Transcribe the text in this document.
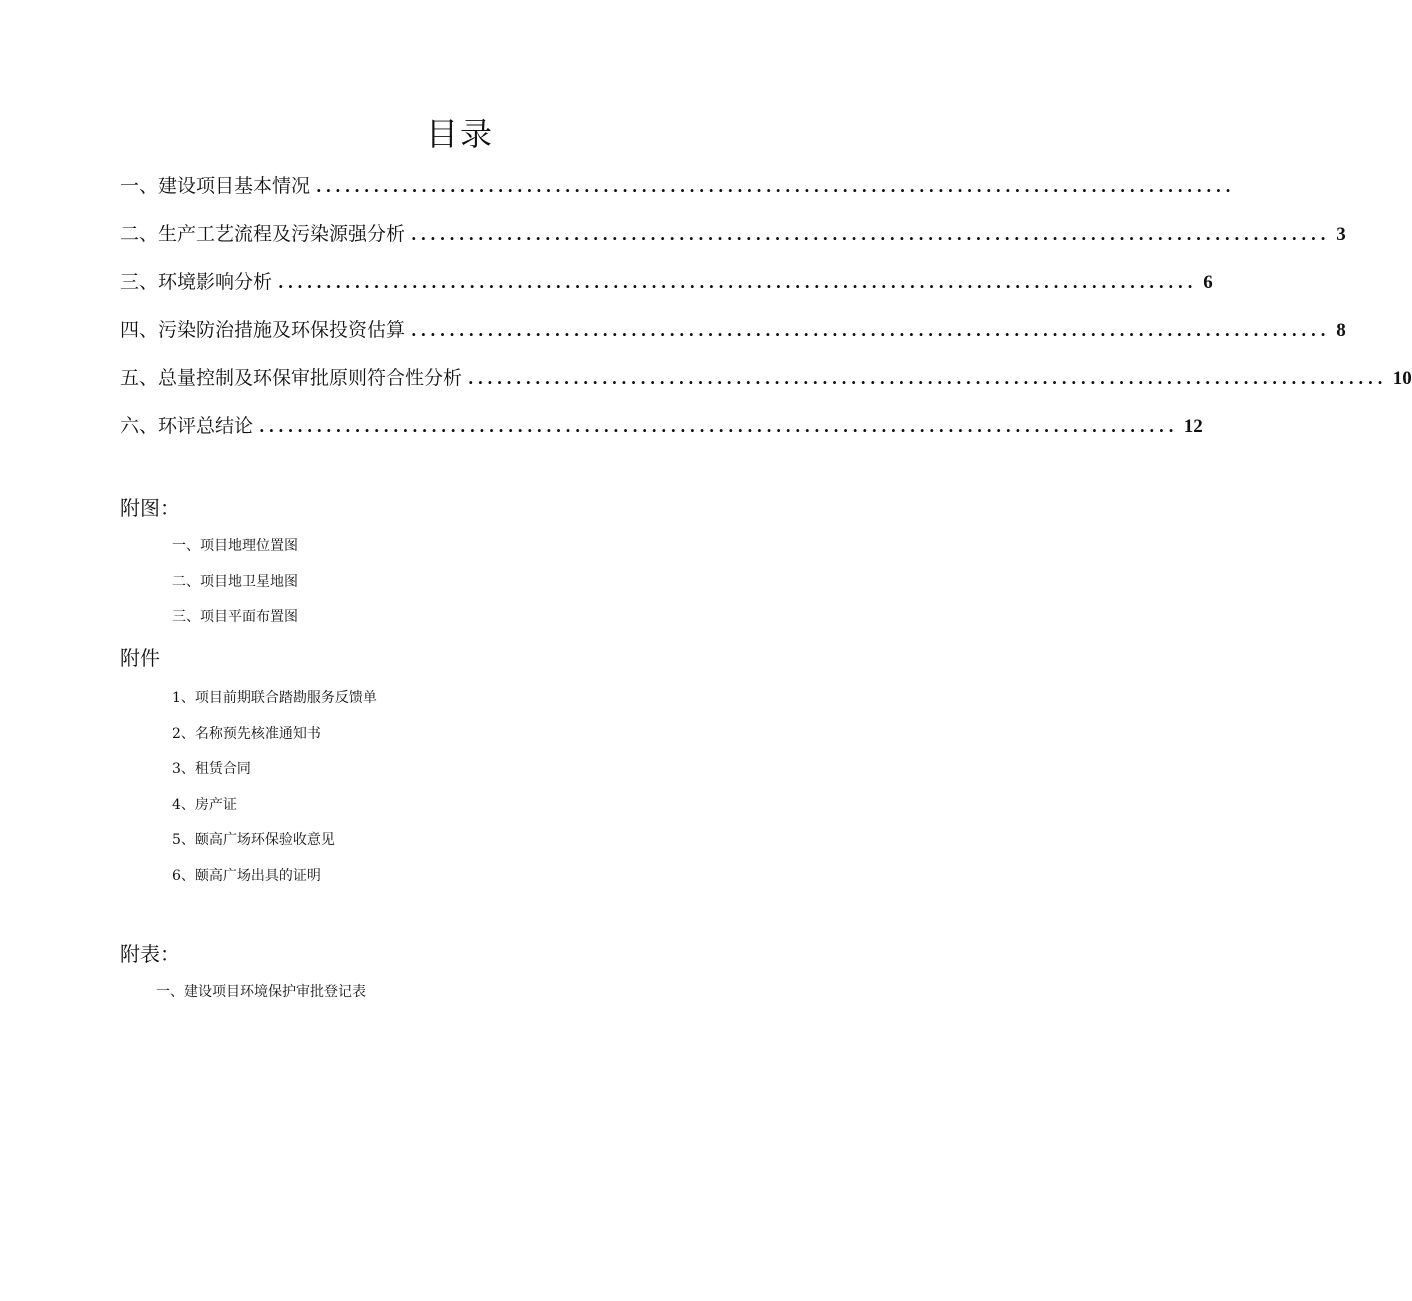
目录
一、建设项目基本情况 ................................................................................................
二、生产工艺流程及污染源强分析 ................................................................................................ 3
三、环境影响分析 ................................................................................................ 6
四、污染防治措施及环保投资估算 ................................................................................................ 8
五、总量控制及环保审批原则符合性分析 ................................................................................................ 10
六、环评总结论 ................................................................................................ 12
附图：
一、项目地理位置图
二、项目地卫星地图
三、项目平面布置图
附件
1、项目前期联合踏勘服务反馈单
2、名称预先核准通知书
3、租赁合同
4、房产证
5、颐高广场环保验收意见
6、颐高广场出具的证明
附表：
一、建设项目环境保护审批登记表
